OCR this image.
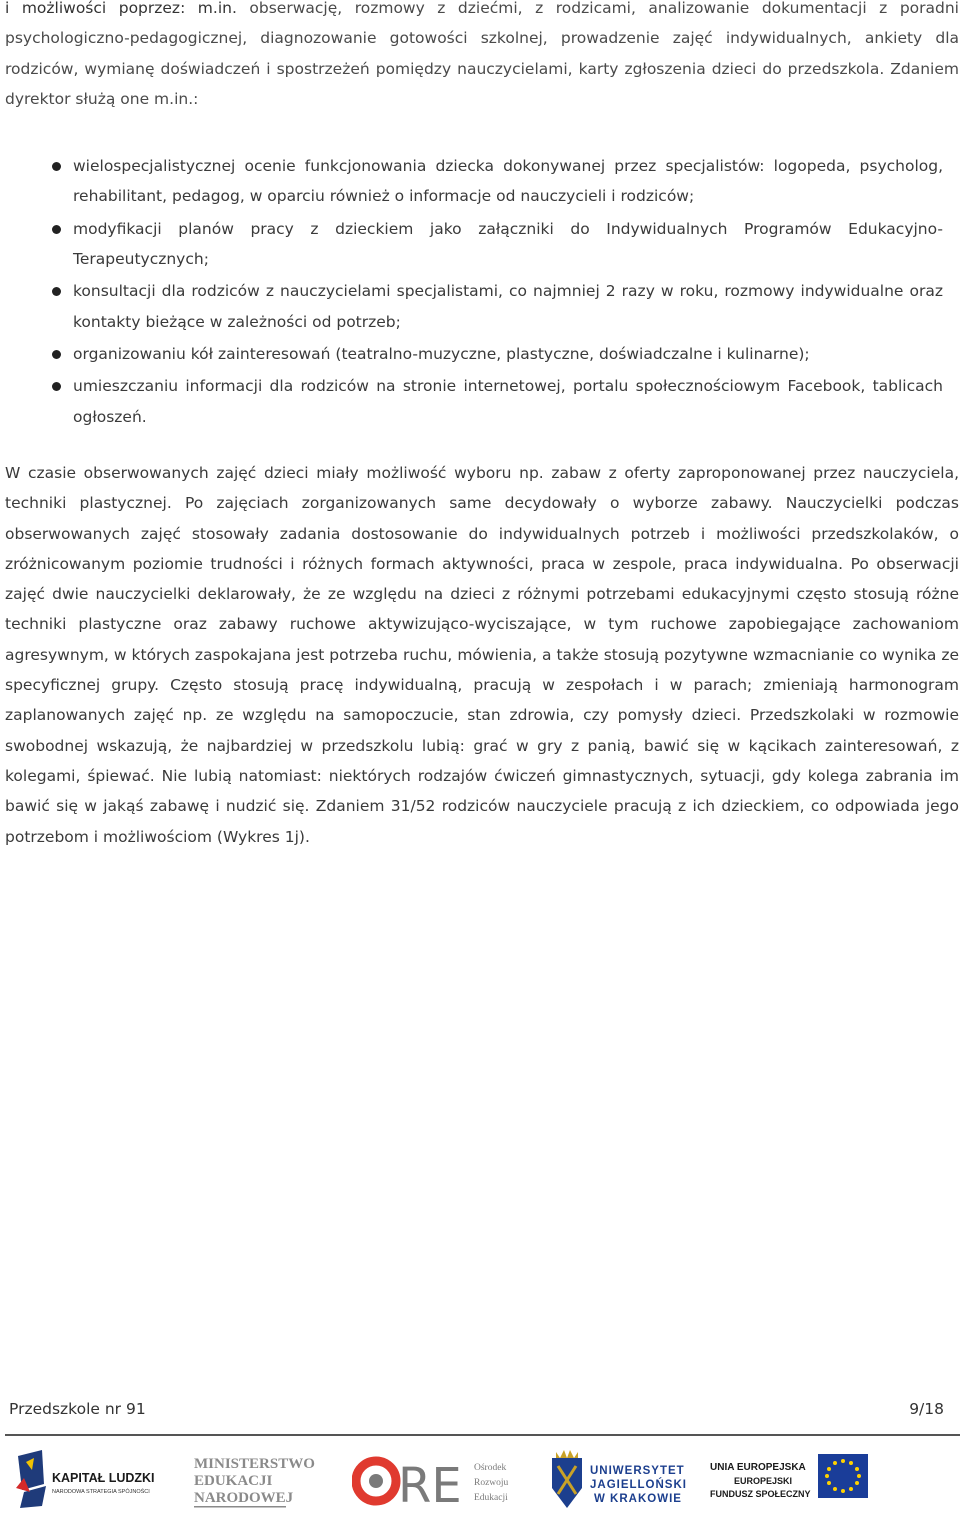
i możliwości poprzez: m.in. obserwację, rozmowy z dziećmi, z rodzicami, analizowanie dokumentacji z poradni psychologiczno-pedagogicznej, diagnozowanie gotowości szkolnej, prowadzenie zajęć indywidualnych, ankiety dla rodziców, wymianę doświadczeń i spostrzeżeń pomiędzy nauczycielami, karty zgłoszenia dzieci do przedszkola. Zdaniem dyrektor służą one m.in.:

wielospecjalistycznej ocenie funkcjonowania dziecka dokonywanej przez specjalistów: logopeda, psycholog, rehabilitant, pedagog, w oparciu również o informacje od nauczycieli i rodziców;
modyfikacji planów pracy z dzieckiem jako załączniki do Indywidualnych Programów Edukacyjno-Terapeutycznych;
konsultacji dla rodziców z nauczycielami specjalistami, co najmniej 2 razy w roku, rozmowy indywidualne oraz kontakty bieżące w zależności od potrzeb;
organizowaniu kół zainteresowań (teatralno-muzyczne, plastyczne, doświadczalne i kulinarne);
umieszczaniu informacji dla rodziców na stronie internetowej, portalu społecznościowym Facebook, tablicach ogłoszeń.

W czasie obserwowanych zajęć dzieci miały możliwość wyboru np. zabaw z oferty zaproponowanej przez nauczyciela, techniki plastycznej. Po zajęciach zorganizowanych same decydowały o wyborze zabawy. Nauczycielki podczas obserwowanych zajęć stosowały zadania dostosowanie do indywidualnych potrzeb i możliwości przedszkolaków, o zróżnicowanym poziomie trudności i różnych formach aktywności, praca w zespole, praca indywidualna. Po obserwacji zajęć dwie nauczycielki deklarowały, że ze względu na dzieci z różnymi potrzebami edukacyjnymi często stosują różne techniki plastyczne oraz zabawy ruchowe aktywizująco-wyciszające, w tym ruchowe zapobiegające zachowaniom agresywnym, w których zaspokajana jest potrzeba ruchu, mówienia, a także stosują pozytywne wzmacnianie co wynika ze specyficznej grupy. Często stosują pracę indywidualną, pracują w zespołach i w parach; zmieniają harmonogram zaplanowanych zajęć np. ze względu na samopoczucie, stan zdrowia, czy pomysły dzieci. Przedszkolaki w rozmowie swobodnej wskazują, że najbardziej w przedszkolu lubią: grać w gry z panią, bawić się w kącikach zainteresowań, z kolegami, śpiewać. Nie lubią natomiast: niektórych rodzajów ćwiczeń gimnastycznych, sytuacji, gdy kolega zabrania im bawić się w jakąś zabawę i nudzić się. Zdaniem 31/52 rodziców nauczyciele pracują z ich dzieckiem, co odpowiada jego potrzebom i możliwościom (Wykres 1j).

Przedszkole nr 91	9/18
KAPITAŁ LUDZKI
NARODOWA STRATEGIA SPÓJNOŚCI
MINISTERSTWO
EDUKACJI
NARODOWEJ RE Ośrodek
Rozwoju
Edukacji
UNIWERSYTET
JAGIELLOŃSKI
W KRAKOWIE
UNIA EUROPEJSKA
EUROPEJSKI
FUNDUSZ SPOŁECZNY
